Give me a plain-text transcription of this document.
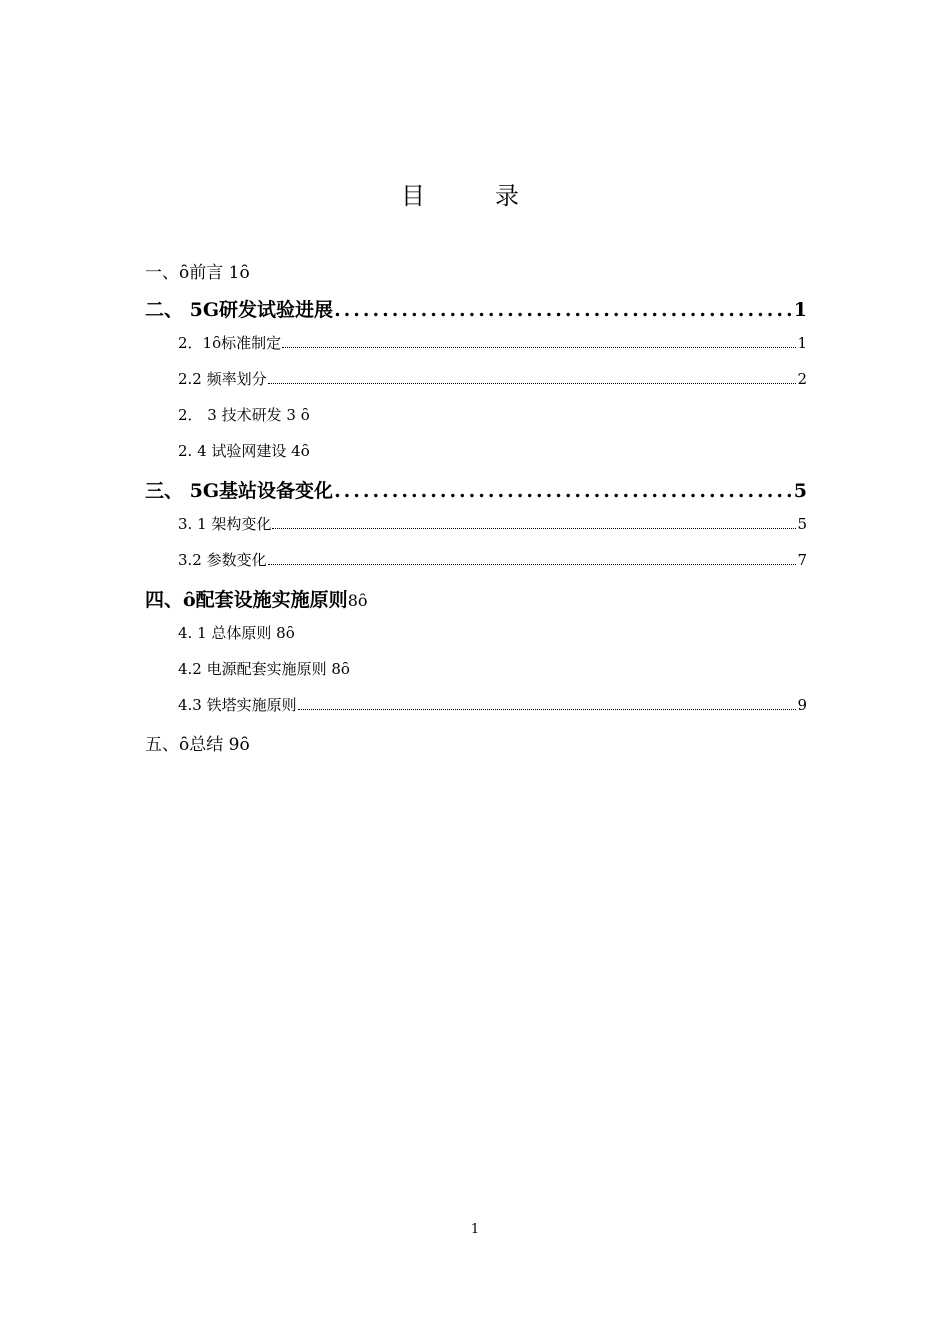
目录
一、ȏ前言 1ȏ
二、 5G研发试验进展 .....	1
2．1ȏ标准制定	1
2.2 频率划分	2
2． 3 技术研发 3 ȏ
2. 4 试验网建设 4ȏ
三、 5G基站设备变化 .....	5
3. 1 架构变化	5
3.2 参数变化	7
四、ȏ配套设施实施原则 8ȏ
4. 1 总体原则 8ȏ
4.2 电源配套实施原则 8ȏ
4.3 铁塔实施原则	9
五、ȏ总结 9ȏ
1
